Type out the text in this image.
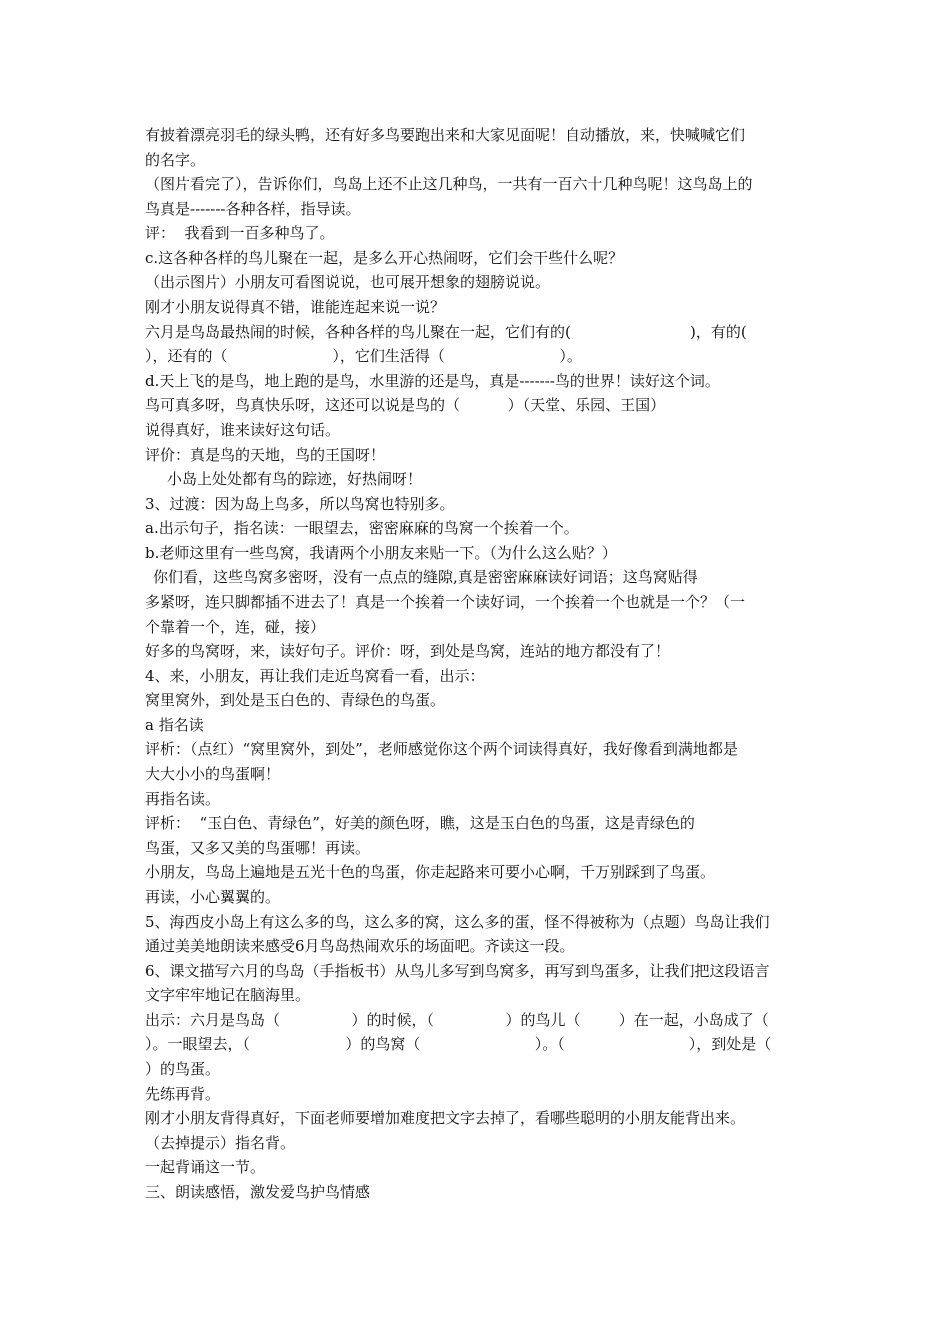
有披着漂亮羽毛的绿头鸭，还有好多鸟要跑出来和大家见面呢！自动播放，来，快喊喊它们
的名字。
（图片看完了），告诉你们，鸟岛上还不止这几种鸟，一共有一百六十几种鸟呢！这鸟岛上的
鸟真是-------各种各样，指导读。
评：  我看到一百多种鸟了。
c.这各种各样的鸟儿聚在一起，是多么开心热闹呀，它们会干些什么呢？
（出示图片）小朋友可看图说说，也可展开想象的翅膀说说。
刚才小朋友说得真不错，谁能连起来说一说？
六月是鸟岛最热闹的时候，各种各样的鸟儿聚在一起，它们有的(                         )，有的(
），还有的（                      ），它们生活得（                        ）。
d.天上飞的是鸟，地上跑的是鸟，水里游的还是鸟，真是-------鸟的世界！读好这个词。
鸟可真多呀，鸟真快乐呀，这还可以说是鸟的（          ）（天堂、乐园、王国）
说得真好，谁来读好这句话。
评价：真是鸟的天地，鸟的王国呀！
小岛上处处都有鸟的踪迹，好热闹呀！
3、过渡：因为岛上鸟多，所以鸟窝也特别多。
a.出示句子，指名读：一眼望去，密密麻麻的鸟窝一个挨着一个。
b.老师这里有一些鸟窝，我请两个小朋友来贴一下。（为什么这么贴？）
你们看，这些鸟窝多密呀，没有一点点的缝隙,真是密密麻麻读好词语；这鸟窝贴得
多紧呀，连只脚都插不进去了！真是一个挨着一个读好词，一个挨着一个也就是一个？（一
个靠着一个，连，碰，接）
好多的鸟窝呀，来，读好句子。评价：呀，到处是鸟窝，连站的地方都没有了！
4、来，小朋友，再让我们走近鸟窝看一看，出示：
窝里窝外，到处是玉白色的、青绿色的鸟蛋。
a 指名读
评析：（点红）“窝里窝外，到处”，老师感觉你这个两个词读得真好，我好像看到满地都是
大大小小的鸟蛋啊！
再指名读。
评析：  “玉白色、青绿色”，好美的颜色呀，瞧，这是玉白色的鸟蛋，这是青绿色的
鸟蛋，又多又美的鸟蛋哪！再读。
小朋友，鸟岛上遍地是五光十色的鸟蛋，你走起路来可要小心啊，千万别踩到了鸟蛋。
再读，小心翼翼的。
5、海西皮小岛上有这么多的鸟，这么多的窝，这么多的蛋，怪不得被称为（点题）鸟岛让我们
通过美美地朗读来感受6月鸟岛热闹欢乐的场面吧。齐读这一段。
6、课文描写六月的鸟岛（手指板书）从鸟儿多写到鸟窝多，再写到鸟蛋多，让我们把这段语言
文字牢牢地记在脑海里。
出示：六月是鸟岛（               ）的时候，（               ）的鸟儿（        ）在一起，小岛成了（
）。一眼望去，（                    ）的鸟窝（                        ）。（                          ），到处是（
）的鸟蛋。
先练再背。
刚才小朋友背得真好，下面老师要增加难度把文字去掉了，看哪些聪明的小朋友能背出来。
（去掉提示）指名背。
一起背诵这一节。
三、朗读感悟，激发爱鸟护鸟情感
